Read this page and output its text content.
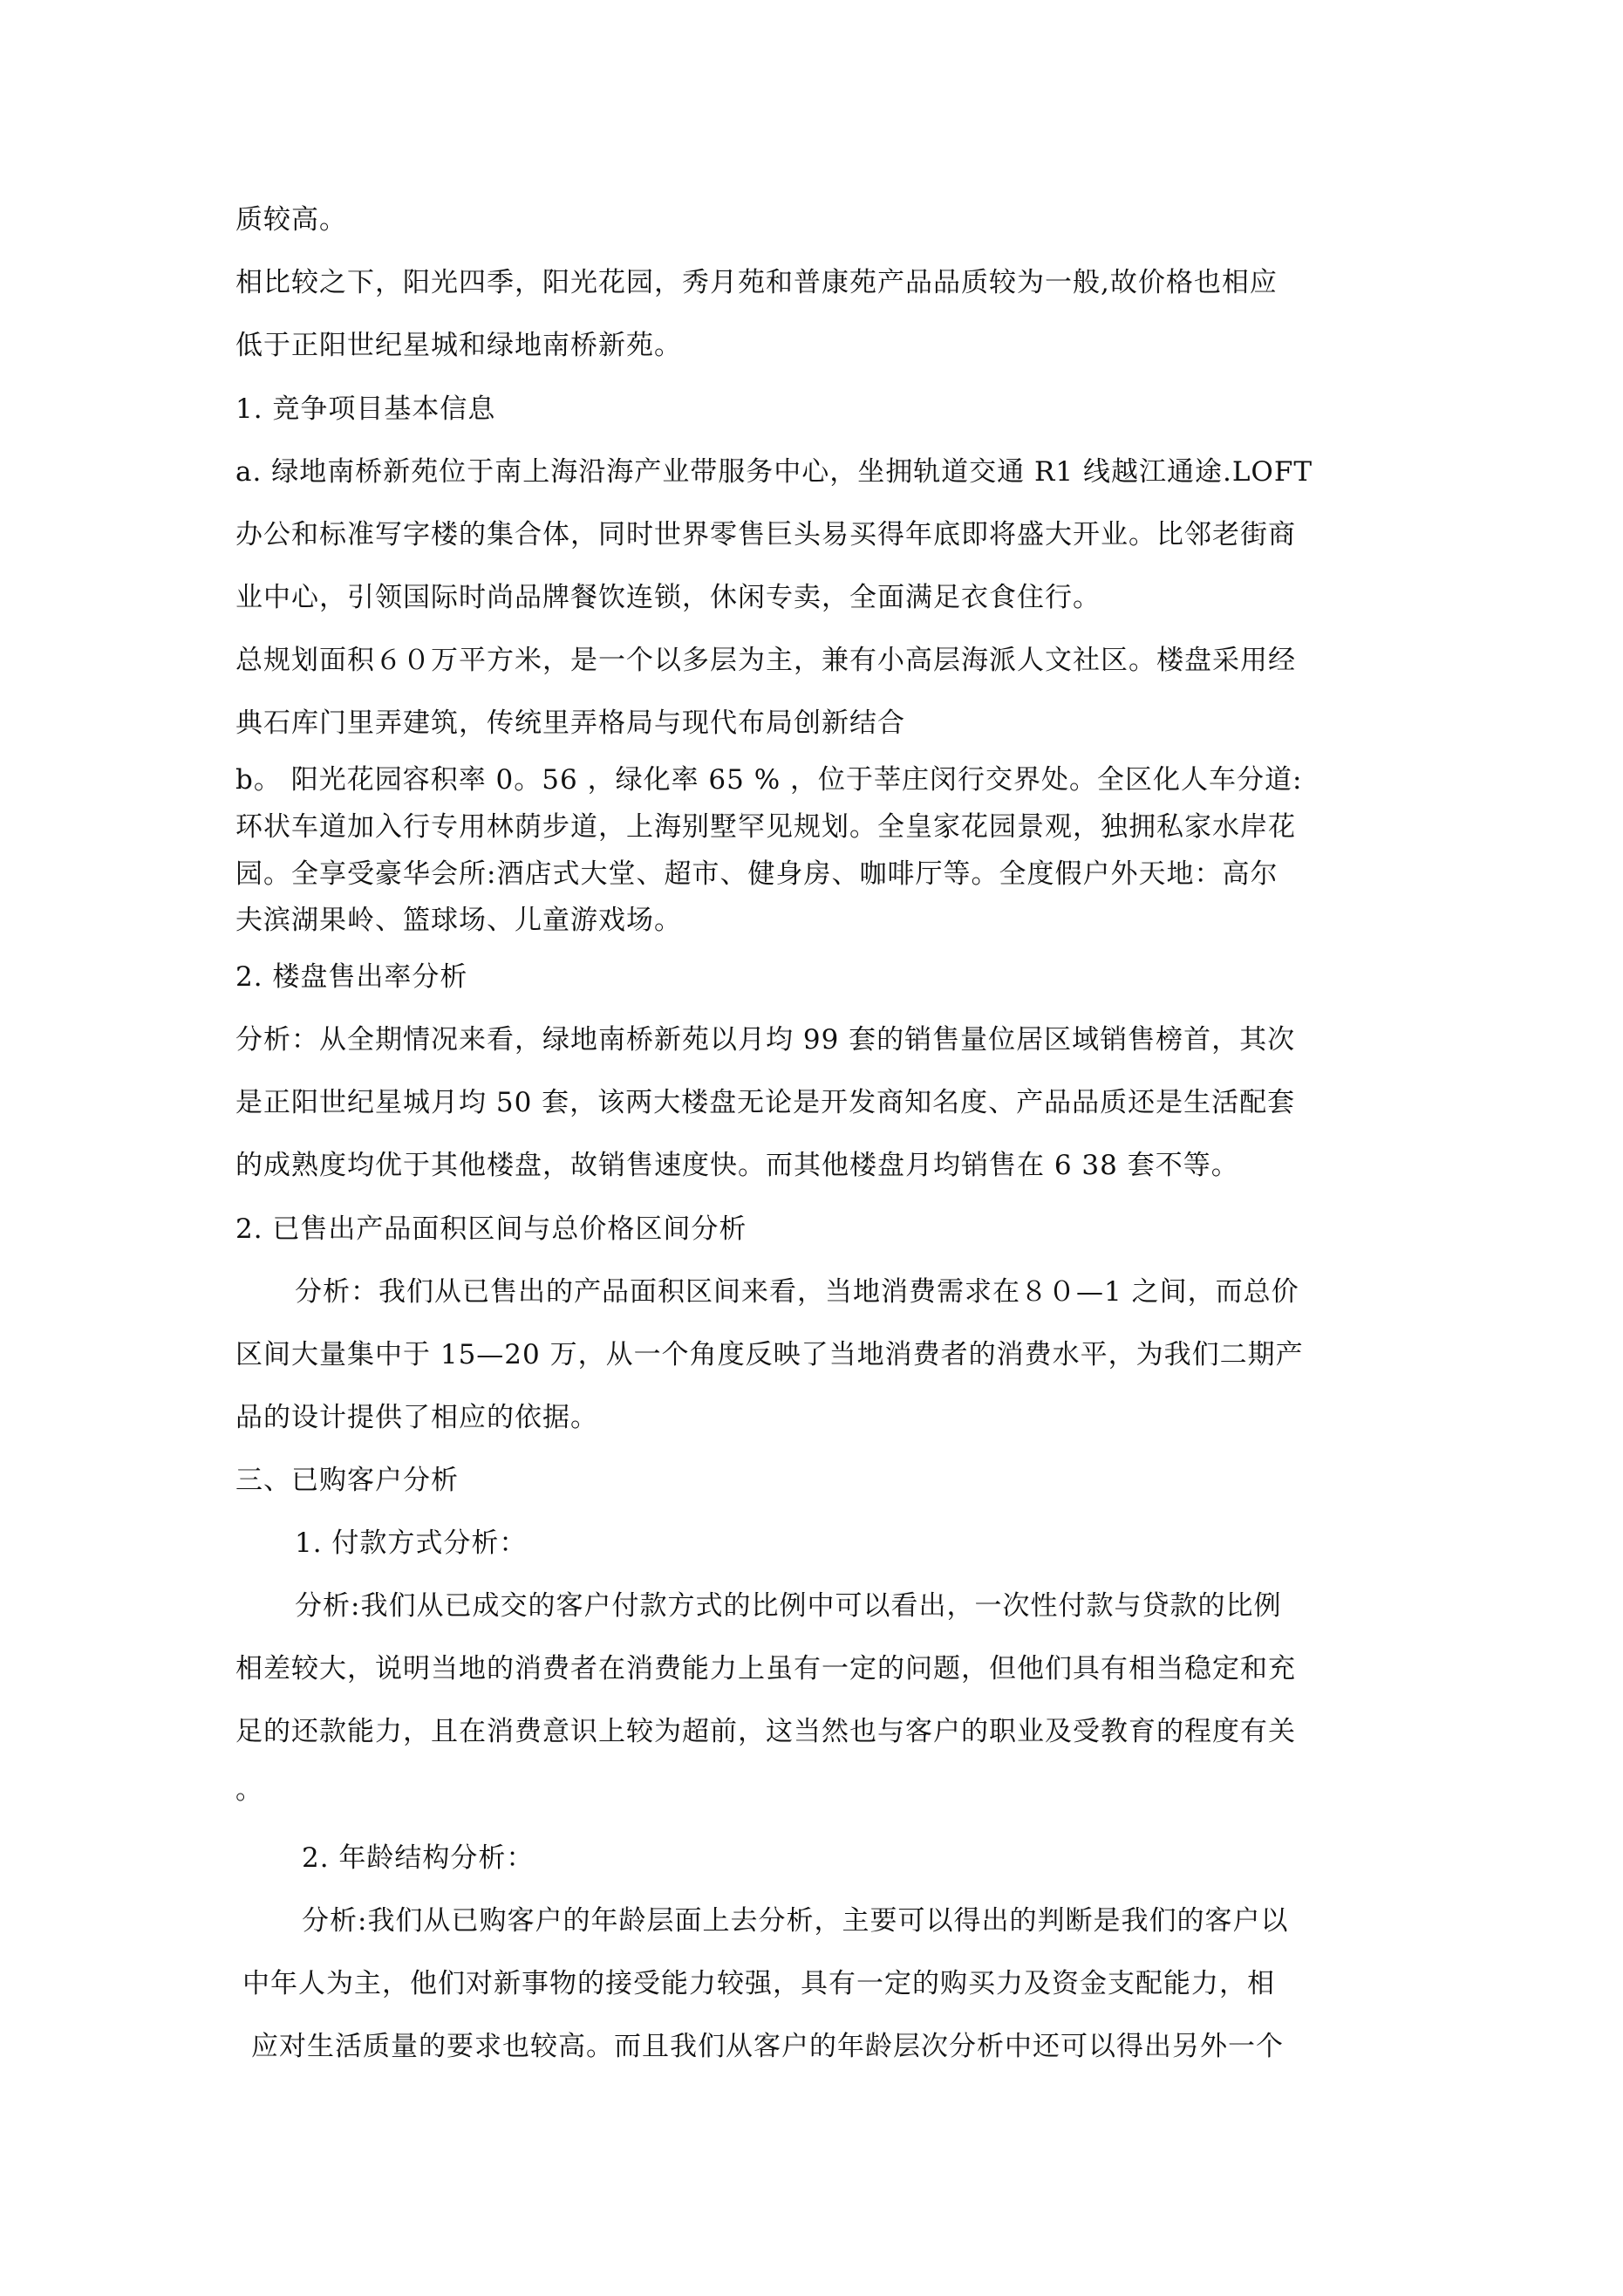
质较高。

相比较之下，阳光四季，阳光花园，秀月苑和普康苑产品品质较为一般,故价格也相应

低于正阳世纪星城和绿地南桥新苑。

1. 竞争项目基本信息

a. 绿地南桥新苑位于南上海沿海产业带服务中心，坐拥轨道交通 R1 线越江通途.LOFT

办公和标准写字楼的集合体，同时世界零售巨头易买得年底即将盛大开业。比邻老街商

业中心，引领国际时尚品牌餐饮连锁，休闲专卖，全面满足衣食住行。

总规划面积６０万平方米，是一个以多层为主，兼有小高层海派人文社区。楼盘采用经

典石库门里弄建筑，传统里弄格局与现代布局创新结合

b。 阳光花园容积率 0。56 ，绿化率 65 % ，位于莘庄闵行交界处。全区化人车分道:

环状车道加入行专用林荫步道，上海别墅罕见规划。全皇家花园景观，独拥私家水岸花

园。全享受豪华会所:酒店式大堂、超市、健身房、咖啡厅等。全度假户外天地：高尔

夫滨湖果岭、篮球场、儿童游戏场。

2. 楼盘售出率分析

分析：从全期情况来看，绿地南桥新苑以月均 99 套的销售量位居区域销售榜首，其次

是正阳世纪星城月均 50 套，该两大楼盘无论是开发商知名度、产品品质还是生活配套

的成熟度均优于其他楼盘，故销售速度快。而其他楼盘月均销售在 6 38 套不等。

2. 已售出产品面积区间与总价格区间分析

分析：我们从已售出的产品面积区间来看，当地消费需求在８０—1 之间，而总价

区间大量集中于 15—20 万，从一个角度反映了当地消费者的消费水平，为我们二期产

品的设计提供了相应的依据。

三、已购客户分析

1. 付款方式分析：

分析:我们从已成交的客户付款方式的比例中可以看出，一次性付款与贷款的比例

相差较大，说明当地的消费者在消费能力上虽有一定的问题，但他们具有相当稳定和充

足的还款能力，且在消费意识上较为超前，这当然也与客户的职业及受教育的程度有关

。

2. 年龄结构分析：

分析:我们从已购客户的年龄层面上去分析，主要可以得出的判断是我们的客户以

中年人为主，他们对新事物的接受能力较强，具有一定的购买力及资金支配能力，相

应对生活质量的要求也较高。而且我们从客户的年龄层次分析中还可以得出另外一个
